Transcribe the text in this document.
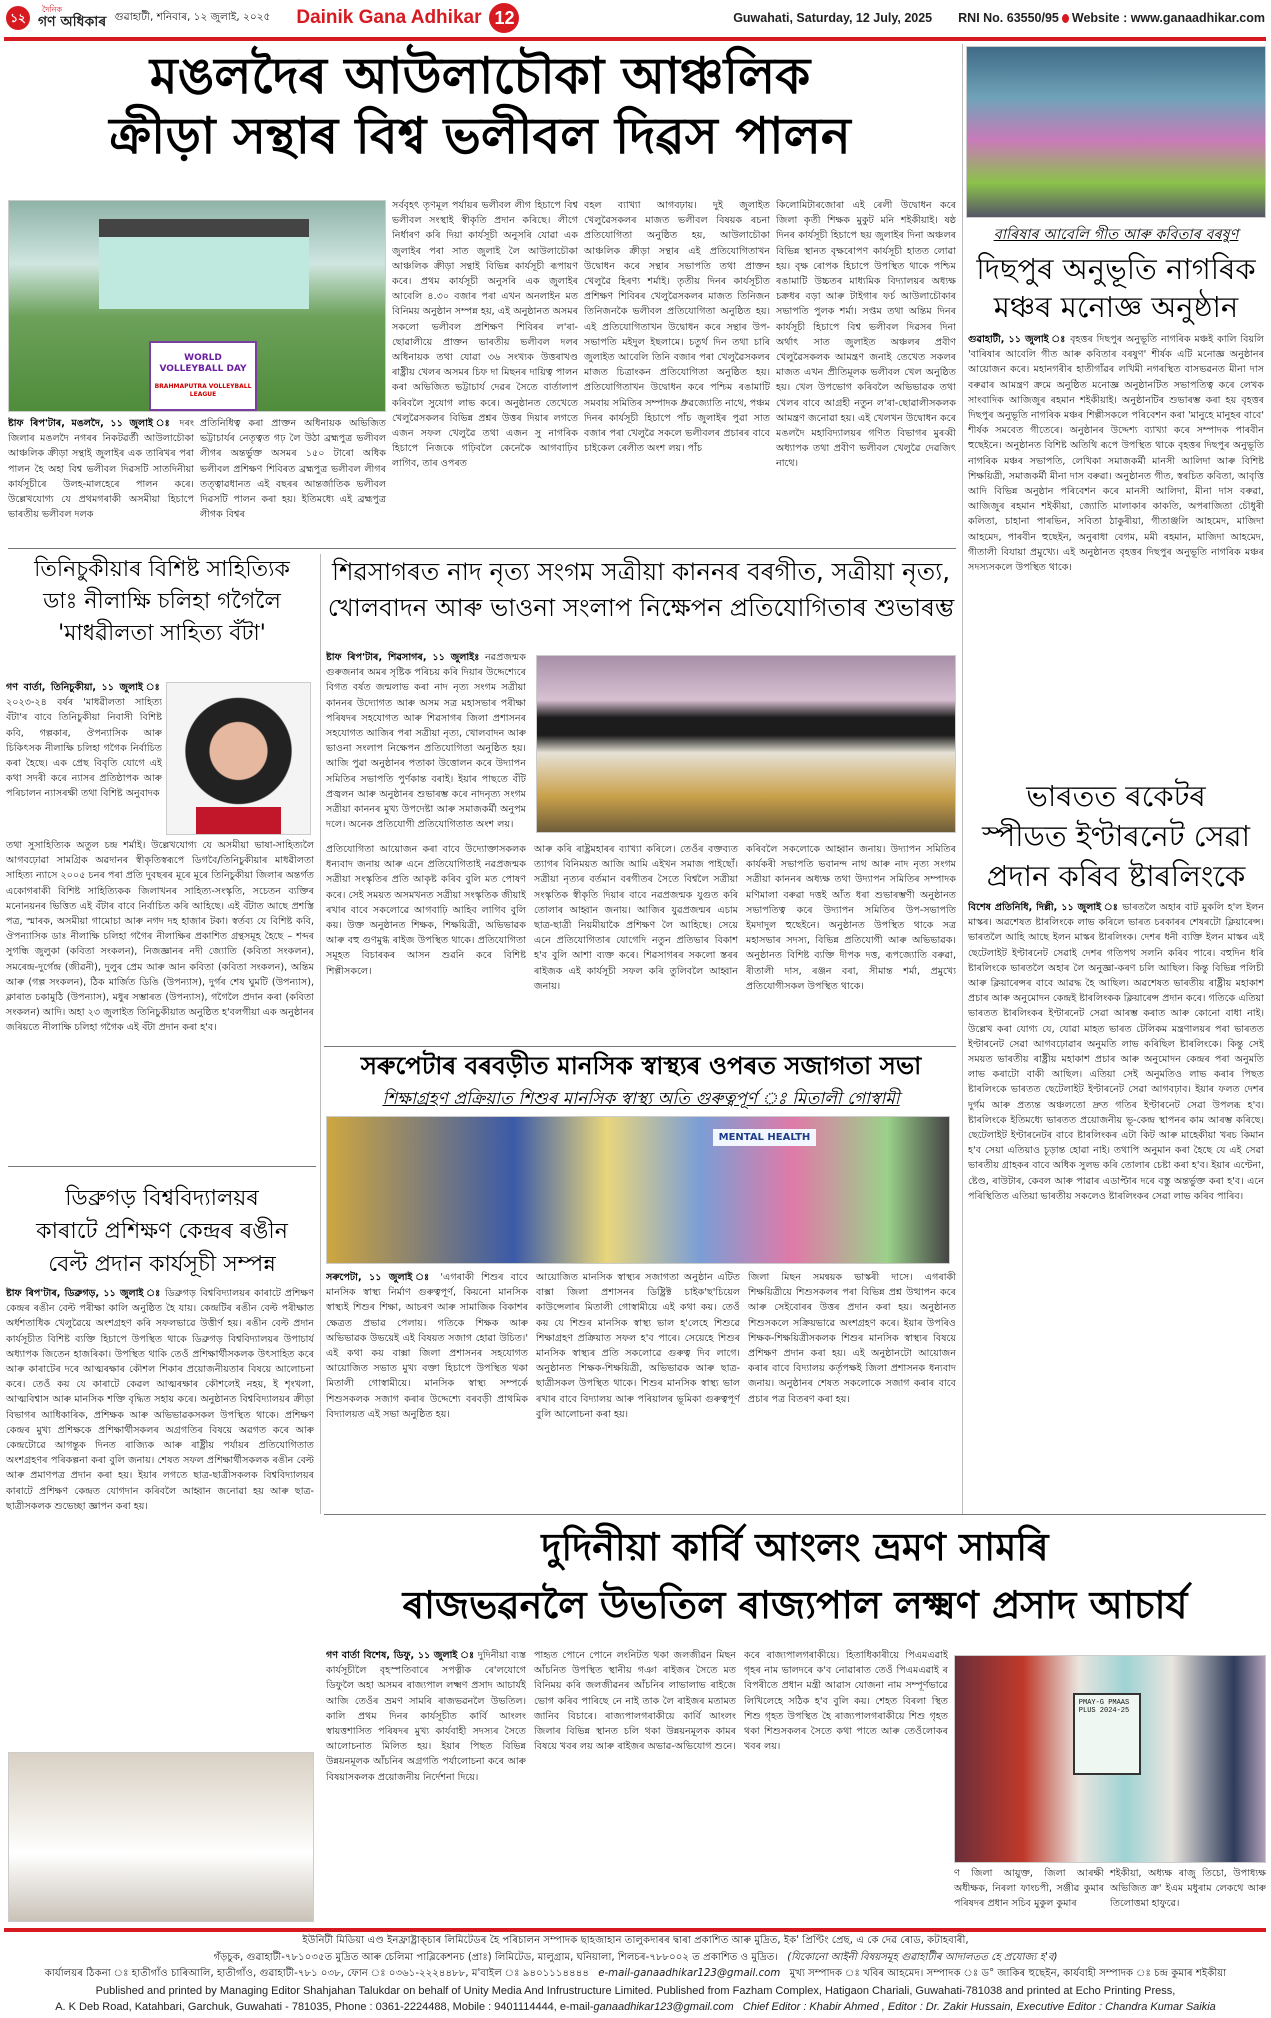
১২
দৈনিক
গণ অধিকাৰ গুৱাহাটী, শনিবাৰ, ১২ জুলাই, ২০২৫ Dainik Gana Adhikar 12	Guwahati, Saturday, 12 July, 2025 RNI No. 63550/95 Website : www.ganaadhikar.com
মঙলদৈৰ আউলাচৌকা আঞ্চলিক
ক্ৰীড়া সন্থাৰ বিশ্ব ভলীবল দিৱস পালন
WORLD VOLLEYBALL DAY
BRAHMAPUTRA VOLLEYBALL LEAGUE
ষ্টাফ ৰিপ'টাৰ, মঙলদৈ, ১১ জুলাই ঃ দৰং জিলাৰ মঙলদৈ নগৰৰ নিকটৱৰ্তী আউলাচৌকা আঞ্চলিক ক্ৰীড়া সন্থাই জুলাইৰ এক তাৰিখৰ পৰা পালন হৈ অহা বিশ্ব ভলীবল দিৱসটি সাতদিনীয়া কাৰ্যসূচীৰে উলহ-মালহেৰে পালন কৰে। উল্লেখযোগ্য যে প্ৰথমগৰাকী অসমীয়া হিচাপে ভাৰতীয় ভলীবল দলক
প্ৰতিনিধিত্ব কৰা প্ৰাক্তন অধিনায়ক অভিজিত ভট্টাচাৰ্যৰ নেতৃত্বত গঢ় লৈ উঠা ব্ৰহ্মপুত্ৰ ভলীবল লীগৰ অন্তৰ্ভুক্ত অসমৰ ১৫০ টাৰো অধিক ভলীবল প্ৰশিক্ষণ শিবিৰত ব্ৰহ্মপুত্ৰ ভলীবল লীগৰ তত্ত্বাৱধানত এই বছৰৰ আন্তৰ্জাতিক ভলীবল দিৱসটি পালন কৰা হয়। ইতিমধ্যে এই ব্ৰহ্মপুত্ৰ লীগক বিশ্বৰ
সৰ্ববৃহৎ তৃণমূল পৰ্যায়ৰ ভলীবল লীগ হিচাপে বিশ্ব ভলীবল সংস্থাই স্বীকৃতি প্ৰদান কৰিছে। লীগে নিৰ্ধাৰণ কৰি দিয়া কাৰ্যসূচী অনুসৰি যোৱা এক জুলাইৰ পৰা সাত জুলাই লৈ আউলাচৌকা আঞ্চলিক ক্ৰীড়া সন্থাই বিভিন্ন কাৰ্যসূচী ৰূপায়ণ কৰে। প্ৰথম কাৰ্যসূচী অনুসৰি এক জুলাইৰ আবেলি ৪.৩০ বজাৰ পৰা এখন অনলাইন মত বিনিময় অনুষ্ঠান সম্পন্ন হয়, এই অনুষ্ঠানত অসমৰ সকলো ভলীবল প্ৰশিক্ষণ শিবিৰৰ ল'ৰা-ছোৱালীয়ে প্ৰাক্তন ভাৰতীয় ভলীবল দলৰ অধিনায়ক তথা যোৱা ৩৬ সংখ্যক উত্তৰাখণ্ড ৰাষ্ট্ৰীয় খেলৰ অসমৰ চিফ দা মিছনৰ দায়িত্ব পালন কৰা অভিজিত ভট্টাচাৰ্য দেৱৰ সৈতে বাৰ্তালাপ কৰিবলৈ সুযোগ লাভ কৰে। অনুষ্ঠানত তেখেতে খেলুৱৈসকলৰ বিভিন্ন প্ৰশ্নৰ উত্তৰ দিয়াৰ লগতে এজন সফল খেলুৱৈ তথা এজন সু নাগৰিক হিচাপে নিজকে গঢ়িবলৈ কেনেকৈ আগবাঢ়িব লাগিব, তাৰ ওপৰত
বহল ব্যাখ্যা আগবঢ়ায়। দুই জুলাইত খেলুৱৈসকলৰ মাজত ভলীবল বিষয়ক ৰচনা প্ৰতিযোগিতা অনুষ্ঠিত হয়, আউলাচৌকা আঞ্চলিক ক্ৰীড়া সন্থাৰ এই প্ৰতিযোগিতাখন উদ্বোধন কৰে সন্থাৰ সভাপতি তথা প্ৰাক্তন খেলুৱৈ হিৰণ্য শৰ্মাই। তৃতীয় দিনৰ কাৰ্যসূচীত প্ৰশিক্ষণ শিবিৰৰ খেলুৱৈসকলৰ মাজত তিনিজন তিনিজনকৈ ভলীবল প্ৰতিযোগিতা অনুষ্ঠিত হয়। এই প্ৰতিযোগিতাখন উদ্বোধন কৰে সন্থাৰ উপ-সভাপতি মইদুল ইছলামে। চতুৰ্থ দিন তথা চাৰি জুলাইত আবেলি তিনি বজাৰ পৰা খেলুৱৈসকলৰ মাজত চিত্ৰাংকন প্ৰতিযোগিতা অনুষ্ঠিত হয়। প্ৰতিযোগিতাখন উদ্বোধন কৰে পশ্চিম ৰঙামাটি সমবায় সমিতিৰ সম্পাদক ধ্ৰুৱজ্যোতি নাথে, পঞ্চম দিনৰ কাৰ্যসূচী হিচাপে পাঁচ জুলাইৰ পুৱা সাত বজাৰ পৰা খেলুৱৈ সকলে ভলীবলৰ প্ৰচাৰৰ বাবে চাইকেল ৰেলীত অংশ লয়। পাঁচ
কিলোমিটাৰজোৰা এই ৰেলী উদ্বোধন কৰে জিলা কৃতী শিক্ষক মুকুট মনি শইকীয়াই। ষষ্ঠ দিনৰ কাৰ্যসূচী হিচাপে ছয় জুলাইৰ দিনা অঞ্চলৰ বিভিন্ন স্থানত বৃক্ষৰোপণ কাৰ্যসূচী হাতত লোৱা হয়। বৃক্ষ ৰোপক হিচাপে উপস্থিত থাকে পশ্চিম ৰঙামাটি উচ্চতৰ মাধ্যমিক বিদ্যালয়ৰ অধ্যক্ষ চক্ৰধৰ বড়া আৰু টাইগাৰ ফৰ্চ আউলাচৌকাৰ সভাপতি পুলক শৰ্মা। সপ্তম তথা অন্তিম দিনৰ কাৰ্যসূচী হিচাপে বিশ্ব ভলীবল দিৱসৰ দিনা অৰ্থাৎ সাত জুলাইত অঞ্চলৰ প্ৰবীণ খেলুৱৈসকলক আমন্ত্ৰণ জনাই তেখেত সকলৰ মাজত এখন প্ৰীতিমূলক ভলীবল খেল অনুষ্ঠিত হয়। খেল উপভোগ কৰিবলৈ অভিভাৱক তথা খেলৰ বাবে আগ্ৰহী নতুন ল'ৰা-ছোৱালীসকলক আমন্ত্ৰণ জনোৱা হয়। এই খেলখন উদ্বোধন কৰে মঙলদৈ মহাবিদ্যালয়ৰ গণিত বিভাগৰ মুৰব্বী অধ্যাপক তথা প্ৰবীণ ভলীবল খেলুৱৈ দেৱজিৎ নাথে।
বাৰিষাৰ আবেলি গীত আৰু কবিতাৰ বৰষুণ
দিছপুৰ অনুভূতি নাগৰিক
মঞ্চৰ মনোজ্ঞ অনুষ্ঠান
গুৱাহাটী, ১১ জুলাই ঃ বৃহত্তৰ দিছপুৰ অনুভূতি নাগৰিক মঞ্চই কালি বিয়লি 'বাৰিষাৰ আবেলি গীত আৰু কবিতাৰ বৰষুণ' শীৰ্ষক এটি মনোজ্ঞ অনুষ্ঠানৰ আয়োজন কৰে। মহানগৰীৰ হাতীগাঁৱৰ লখিমী নগৰস্থিত বাসভৱনত মীনা দাস বৰুৱাৰ আমন্ত্ৰণ ক্ৰমে অনুষ্ঠিত মনোজ্ঞ অনুষ্ঠানটিত সভাপতিত্ব কৰে লেখক সাংবাদিক আজিজুৰ ৰহমান শইকীয়াই। অনুষ্ঠানটিৰ শুভাৰম্ভ কৰা হয় বৃহত্তৰ দিছপুৰ অনুভূতি নাগৰিক মঞ্চৰ শিল্পীসকলে পৰিবেশন কৰা 'মানুহে মানুহৰ বাবে' শীৰ্ষক সমবেত গীতেৰে। অনুষ্ঠানৰ উদ্দেশ্য ব্যাখ্যা কৰে সম্পাদক পাৰবীন হুছেইনে। অনুষ্ঠানত বিশিষ্ট অতিথি ৰূপে উপস্থিত থাকে বৃহত্তৰ দিছপুৰ অনুভূতি নাগৰিক মঞ্চৰ সভাপতি, লেখিকা সমাজকৰ্মী মানসী আলিদা আৰু বিশিষ্ট শিক্ষয়িত্ৰী, সমাজকৰ্মী মীনা দাস বৰুৱা। অনুষ্ঠানত গীত, স্বৰচিত কবিতা, আবৃত্তি আদি বিভিন্ন অনুষ্ঠান পৰিবেশন কৰে মানসী আলিদা, মীনা দাস বৰুৱা, আজিজুৰ ৰহমান শইকীয়া, জ্যোতি মালাকাৰ কাকতি, অপৰাজিতা চৌধুৰী কলিতা, চাহানা পাৰভিন, সবিতা ঠাকুৰীয়া, গীতাঞ্জলি আহমেদ, মাজিদা আহমেদ, পাৰবীন হুছেইন, অনুৰাধা বেগম, মমী ৰহমান, মাজিদা আহমেদ, গীতালী বিযায়া প্ৰমুখ্যে। এই অনুষ্ঠানত বৃহত্তৰ দিছপুৰ অনুভূতি নাগৰিক মঞ্চৰ সদস্যসকলে উপস্থিত থাকে।
ভাৰতত ৰকেটৰ
স্পীডত ইণ্টাৰনেট সেৱা
প্ৰদান কৰিব ষ্টাৰলিংকে
বিশেষ প্ৰতিনিধি, দিল্লী, ১১ জুলাই ঃ ভাৰতলৈ অহাৰ বাট মুকলি হ'ল ইলন মাস্কৰ। অৱশেষত ষ্টাৰলিংকে লাভ কৰিলে ভাৰত চৰকাৰৰ শেষৰটো ক্লিয়াৰেন্স। ভাৰতলৈ আহি আছে ইলন মাস্কৰ ষ্টাৰলিংক। দেশৰ ধনী ব্যক্তি ইলন মাস্কৰ এই ছেটেলাইট ইণ্টাৰনেট সেৱাই দেশৰ গতিপথ সলনি কৰিব পাৰে। বহুদিন ধৰি ষ্টাৰলিংকে ভাৰতলৈ অহাৰ লৈ অনুজ্ঞা-কৰণ চলি আছিল। কিন্তু বিভিন্ন পলিচী আৰু ক্লিয়াৰেন্সৰ বাবে আৱদ্ধ হৈ আছিল। অৱশেষত ভাৰতীয় ৰাষ্ট্ৰীয় মহাকাশ প্ৰচাৰ আৰু অনুমোদন কেন্দ্ৰই ষ্টাৰলিংকক ক্লিয়াৰেন্স প্ৰদান কৰে। গতিকে এতিয়া ভাৰতত ষ্টাৰলিংকৰ ইণ্টাৰনেট সেৱা আৰম্ভ কৰাত আৰু কোনো বাধা নাই। উল্লেখ কৰা যোগ্য যে, যোৱা মাহত ভাৰত টেলিকম মন্ত্ৰণালয়ৰ পৰা ভাৰতত ইণ্টাৰনেট সেৱা আগবঢ়োৱাৰ অনুমতি লাভ কৰিছিল ষ্টাৰলিংকে। কিন্তু সেই সময়ত ভাৰতীয় ৰাষ্ট্ৰীয় মহাকাশ প্ৰচাৰ আৰু অনুমোদন কেন্দ্ৰৰ পৰা অনুমতি লাভ কৰাটো বাকী আছিল। এতিয়া সেই অনুমতিও লাভ কৰাৰ পিছত ষ্টাৰলিংকে ভাৰতত ছেটেলাইট ইণ্টাৰনেট সেৱা আগবঢ়াব। ইয়াৰ ফলত দেশৰ দুৰ্গম আৰু প্ৰত্যন্ত অঞ্চলতো দ্ৰুত গতিৰ ইণ্টাৰনেট সেৱা উপলব্ধ হ'ব। ষ্টাৰলিংকে ইতিমধ্যে ভাৰতত প্ৰয়োজনীয় ভূ-কেন্দ্ৰ স্থাপনৰ কাম আৰম্ভ কৰিছে। ছেটেলাইট ইণ্টাৰনেটৰ বাবে ষ্টাৰলিংকৰ এটা কিট আৰু মাহেকীয়া খৰচ কিমান হ'ব সেয়া এতিয়াও চূড়ান্ত হোৱা নাই। তথাপি অনুমান কৰা হৈছে যে এই সেৱা ভাৰতীয় গ্ৰাহকৰ বাবে অধিক সুলভ কৰি তোলাৰ চেষ্টা কৰা হ'ব। ইয়াৰ এণ্টেনা, ষ্টেণ্ড, ৰাউটাৰ, কেবল আৰু পাৱাৰ এডাপ্টাৰ দৰে বস্তু অন্তৰ্ভুক্ত কৰা হ'ব। এনে পৰিস্থিতিত এতিয়া ভাৰতীয় সকলেও ষ্টাৰলিংকৰ সেৱা লাভ কৰিব পাৰিব।
তিনিচুকীয়াৰ বিশিষ্ট সাহিত্যিক
ডাঃ নীলাক্ষি চলিহা গগৈলৈ
'মাধৱীলতা সাহিত্য বঁটা'
গণ বাৰ্তা, তিনিচুকীয়া, ১১ জুলাই ঃ ২০২৩-২৪ বৰ্ষৰ 'মাধৱীলতা সাহিত্য বঁটা'ৰ বাবে তিনিচুকীয়া নিবাসী বিশিষ্ট কবি, গল্পকাৰ, ঔপন্যাসিক আৰু চিকিৎসক নীলাক্ষি চলিহা গগৈক নিৰ্বাচিত কৰা হৈছে। এক প্ৰেছ বিবৃতি যোগে এই কথা সদৰী কৰে ন্যাসৰ প্ৰতিষ্ঠাপক আৰু পৰিচালন ন্যাসৰক্ষী তথা বিশিষ্ট অনুবাদক
তথা সুসাহিত্যিক অতুল চন্দ্ৰ শৰ্মাই। উল্লেখযোগ্য যে অসমীয়া ভাষা-সাহিত্যলৈ আগবঢ়োৱা সামগ্ৰিক অৱদানৰ স্বীকৃতিস্বৰূপে ডিগবৈ/তিনিচুকীয়াৰ মাধৱীলতা সাহিত্য ন্যাসে ২০০৫ চনৰ পৰা প্ৰতি দুবছৰৰ মূৰে মূৰে তিনিচুকীয়া জিলাৰ অন্তৰ্গত একোগৰাকী বিশিষ্ট সাহিত্যিকক জিলাখনৰ সাহিত্য-সংস্কৃতি, সচেতন ব্যক্তিৰ মনোনয়নৰ ভিত্তিত এই বঁটাৰ বাবে নিৰ্বাচিত কৰি আহিছে। এই বঁটাত আছে প্ৰশস্তি পত্ৰ, স্মাৰক, অসমীয়া গামোচা আৰু নগদ দহ হাজাৰ টকা। স্বৰ্তব্য যে বিশিষ্ট কবি, ঔপন্যাসিক ডাঃ নীলাক্ষি চলিহা গগৈৰ নীলাক্ষিৰ প্ৰকাশিত গ্ৰন্থসমূহ হৈছে – শব্দৰ সুগন্ধি জুলুকা (কবিতা সংকলন), নিজজ্ঞানৰ নদী জ্যোতি (কবিতা সংকলন), সমৰেন্দ্ৰ-দুৰ্গেন্দ্ৰ (জীৱনী), দুলুৰ প্ৰেম আৰু আন কবিতা (কবিতা সংকলন), অন্তিম আৰু (গল্প সংকলন), ঠিক মাৰ্জিত ডিঙি (উপন্যাস), দুৰ্গৰ শেষ ঘুমটি (উপন্যাস), ক্লাৰাত চকামুঠি (উপন্যাস), মধুৰ সম্ভাৰত (উপন্যাস), গগৈলৈ প্ৰদান কৰা (কবিতা সংকলন) আদি। অহা ২৩ জুলাইত তিনিচুকীয়াত অনুষ্ঠিত হ'বলগীয়া এক অনুষ্ঠানৰ জৰিয়তে নীলাক্ষি চলিহা গগৈক এই বঁটা প্ৰদান কৰা হ'ব।
শিৱসাগৰত নাদ নৃত্য সংগম সত্ৰীয়া কাননৰ বৰগীত, সত্ৰীয়া নৃত্য,
খোলবাদন আৰু ভাওনা সংলাপ নিক্ষেপন প্ৰতিযোগিতাৰ শুভাৰম্ভ
ষ্টাফ ৰিপ'টাৰ, শিৱসাগৰ, ১১ জুলাইঃ নৱপ্ৰজন্মক গুৰুজনাৰ অমৰ সৃষ্টিক পৰিচয় কৰি দিয়াৰ উদ্দেশ্যেৰে বিগত বৰ্ষত জন্মলাভ কৰা নাদ নৃত্য সংগম সত্ৰীয়া কাননৰ উদ্যোগত আৰু অসম সত্ৰ মহাসভাৰ পৰীক্ষা পৰিষদৰ সহযোগত আৰু শিৱসাগৰ জিলা প্ৰশাসনৰ সহযোগত আজিৰ পৰা সত্ৰীয়া নৃত্য, খোলবাদন আৰু ভাওনা সংলাপ নিক্ষেপন প্ৰতিযোগিতা অনুষ্ঠিত হয়। আজি পুৱা অনুষ্ঠানৰ পতাকা উত্তোলন কৰে উদ্যাপন সমিতিৰ সভাপতি পুৰ্ণকান্ত বৰাই। ইয়াৰ পাছতে বঁটি প্ৰজ্বলন আৰু অনুষ্ঠানৰ শুভাৰম্ভ কৰে নাদনৃত্য সংগম সত্ৰীয়া কাননৰ মুখ্য উপদেষ্টা আৰু সমাজকৰ্মী অনুপম দলে। অনেক প্ৰতিযোগী প্ৰতিযোগিতাত অংশ লয়।
প্ৰতিযোগিতা আয়োজন কৰা বাবে উদ্যোক্তাসকলক ধন্যবাদ জনায় আৰু এনে প্ৰতিযোগিতাই নৱপ্ৰজন্মক সত্ৰীয়া সংস্কৃতিৰ প্ৰতি আকৃষ্ট কৰিব বুলি মত পোষণ কৰে। সেই সময়ত অসমখনত সত্ৰীয়া সংস্কৃতিক জীয়াই ৰখাৰ বাবে সকলোৱে আগবাঢ়ি আহিব লাগিব বুলি কয়। উক্ত অনুষ্ঠানত শিক্ষক, শিক্ষয়িত্ৰী, অভিভাৱক আৰু বহু গুণমুগ্ধ ৰাইজ উপস্থিত থাকে। প্ৰতিযোগিতা সমূহত বিচাৰকৰ আসন শুৱনি কৰে বিশিষ্ট শিল্পীসকলে।
আৰু কৰি ৰাষ্ট্ৰমহাৰৰ ব্যাখ্যা কৰিলে। তেওঁৰ বক্তব্যত ত্যাগৰ বিনিময়ত আজি আমি এইখন সমাজ পাইছোঁ। সত্ৰীয়া নৃত্যৰ বৰ্তমান বৰগীতৰ সৈতে বিশ্বলৈ সত্ৰীয়া সংস্কৃতিক স্বীকৃতি দিয়াৰ বাবে নৱপ্ৰজন্মক যুগুত কৰি তোলাৰ আহ্বান জনায়। আজিৰ যুৱপ্ৰজন্মৰ এচাম ছাত্ৰ-ছাত্ৰী নিয়মীয়াকৈ প্ৰশিক্ষণ লৈ আহিছে। সেয়ে এনে প্ৰতিযোগিতাৰ যোগেদি নতুন প্ৰতিভাৰ বিকাশ হ'ব বুলি আশা ব্যক্ত কৰে। শিৱসাগৰৰ সকলো স্তৰৰ ৰাইজক এই কাৰ্যসূচী সফল কৰি তুলিবলৈ আহ্বান জনায়।
কৰিবলৈ সকলোকে আহ্বান জনায়। উদ্যাপন সমিতিৰ কাৰ্যকৰী সভাপতি ভবানন্দ নাথ আৰু নাদ নৃত্য সংগম সত্ৰীয়া কাননৰ অধ্যক্ষ তথা উদ্যাপন সমিতিৰ সম্পাদক মণিমালা বৰুৱা দত্তই আঁত ধৰা শুভাৰম্ভণী অনুষ্ঠানত সভাপতিত্ব কৰে উদ্যাপন সমিতিৰ উপ-সভাপতি ইমদাদুল হুছেইনে। অনুষ্ঠানত উপস্থিত থাকে সত্ৰ মহাসভাৰ সদস্য, বিভিন্ন প্ৰতিযোগী আৰু অভিভাৱক। অনুষ্ঠানত বিশিষ্ট ব্যক্তি দীপক দত্ত, ৰূপজ্যোতি বৰুৱা, ৰীতালী দাস, ৰঞ্জন বৰা, সীমান্ত শৰ্মা, প্ৰমুখ্যে প্ৰতিযোগীসকল উপস্থিত থাকে।
সৰুপেটাৰ বৰবড়ীত মানসিক স্বাস্থ্যৰ ওপৰত সজাগতা সভা
শিক্ষাগ্ৰহণ প্ৰক্ৰিয়াত শিশুৰ মানসিক স্বাস্থ্য অতি গুৰুত্বপূৰ্ণ ঃ মিতালী গোস্বামী
MENTAL HEALTH
সৰুপেটা, ১১ জুলাই ঃ 'এগৰাকী শিশুৰ বাবে মানসিক স্বাস্থ্য নিৰ্মাণ গুৰুত্বপূৰ্ণ, কিয়নো মানসিক স্বাস্থ্যই শিশুৰ শিক্ষা, আচৰণ আৰু সামাজিক বিকাশৰ ক্ষেত্ৰত প্ৰভাৱ পেলায়। গতিকে শিক্ষক আৰু অভিভাৱক উভয়েই এই বিষয়ত সজাগ হোৱা উচিত।' এই কথা কয় বাক্সা জিলা প্ৰশাসনৰ সহযোগত আয়োজিত সভাত মুখ্য বক্তা হিচাপে উপস্থিত থকা মিতালী গোস্বামীয়ে। মানসিক স্বাস্থ্য সম্পৰ্কে শিশুসকলক সজাগ কৰাৰ উদ্দেশ্যে বৰবড়ী প্ৰাথমিক বিদ্যালয়ত এই সভা অনুষ্ঠিত হয়।
আয়োজিত মানসিক স্বাস্থ্যৰ সজাগতা অনুষ্ঠান এটিত বাক্সা জিলা প্ৰশাসনৰ ডিষ্ট্ৰিক্ট চাইক'ছ'চিয়েল কাউন্সেলাৰ মিতালী গোস্বামীয়ে এই কথা কয়। তেওঁ কয় যে শিশুৰ মানসিক স্বাস্থ্য ভাল হ'লেহে শিশুৱে শিক্ষাগ্ৰহণ প্ৰক্ৰিয়াত সফল হ'ব পাৰে। সেয়েহে শিশুৰ মানসিক স্বাস্থ্যৰ প্ৰতি সকলোৱে গুৰুত্ব দিব লাগে। অনুষ্ঠানত শিক্ষক-শিক্ষয়িত্ৰী, অভিভাৱক আৰু ছাত্ৰ-ছাত্ৰীসকল উপস্থিত থাকে। শিশুৰ মানসিক স্বাস্থ্য ভাল ৰখাৰ বাবে বিদ্যালয় আৰু পৰিয়ালৰ ভূমিকা গুৰুত্বপূৰ্ণ বুলি আলোচনা কৰা হয়।
জিলা মিছন সমন্বয়ক ভাস্কৰী দাসে। এগৰাকী শিক্ষয়িত্ৰীয়ে শিশুসকলৰ পৰা বিভিন্ন প্ৰশ্ন উত্থাপন কৰে আৰু সেইবোৰৰ উত্তৰ প্ৰদান কৰা হয়। অনুষ্ঠানত শিশুসকলে সক্ৰিয়ভাৱে অংশগ্ৰহণ কৰে। ইয়াৰ উপৰিও শিক্ষক-শিক্ষয়িত্ৰীসকলক শিশুৰ মানসিক স্বাস্থ্যৰ বিষয়ে প্ৰশিক্ষণ প্ৰদান কৰা হয়। এই অনুষ্ঠানটো আয়োজন কৰাৰ বাবে বিদ্যালয় কৰ্তৃপক্ষই জিলা প্ৰশাসনক ধন্যবাদ জনায়। অনুষ্ঠানৰ শেষত সকলোকে সজাগ কৰাৰ বাবে প্ৰচাৰ পত্ৰ বিতৰণ কৰা হয়।
ডিব্ৰুগড় বিশ্ববিদ্যালয়ৰ
কাৰাটে প্ৰশিক্ষণ কেন্দ্ৰৰ ৰঙীন
বেল্ট প্ৰদান কাৰ্যসূচী সম্পন্ন
ষ্টাফ ৰিপ'টাৰ, ডিব্ৰুগড়, ১১ জুলাই ঃ ডিব্ৰুগড় বিশ্ববিদ্যালয়ৰ কাৰাটে প্ৰশিক্ষণ কেন্দ্ৰৰ ৰঙীন বেল্ট পৰীক্ষা কালি অনুষ্ঠিত হৈ যায়। কেন্দ্ৰটিৰ ৰঙীন বেল্ট পৰীক্ষাত অৰ্ধশতাধিক খেলুৱৈয়ে অংশগ্ৰহণ কৰি সফলভাৱে উত্তীৰ্ণ হয়। ৰঙীন বেল্ট প্ৰদান কাৰ্যসূচীত বিশিষ্ট ব্যক্তি হিচাপে উপস্থিত থাকে ডিব্ৰুগড় বিশ্ববিদ্যালয়ৰ উপাচাৰ্য অধ্যাপক জিতেন হাজৰিকা। উপস্থিত থাকি তেওঁ প্ৰশিক্ষাৰ্থীসকলক উৎসাহিত কৰে আৰু কাৰাটেৰ দৰে আত্মৰক্ষাৰ কৌশল শিকাৰ প্ৰয়োজনীয়তাৰ বিষয়ে আলোচনা কৰে। তেওঁ কয় যে কাৰাটে কেৱল আত্মৰক্ষাৰ কৌশলেই নহয়, ই শৃংখলা, আত্মবিশ্বাস আৰু মানসিক শক্তি বৃদ্ধিত সহায় কৰে। অনুষ্ঠানত বিশ্ববিদ্যালয়ৰ ক্ৰীড়া বিভাগৰ আধিকাৰিক, প্ৰশিক্ষক আৰু অভিভাৱকসকল উপস্থিত থাকে। প্ৰশিক্ষণ কেন্দ্ৰৰ মুখ্য প্ৰশিক্ষকে প্ৰশিক্ষাৰ্থীসকলৰ অগ্ৰগতিৰ বিষয়ে অৱগত কৰে আৰু কেন্দ্ৰটোৱে আগন্তুক দিনত ৰাজ্যিক আৰু ৰাষ্ট্ৰীয় পৰ্যায়ৰ প্ৰতিযোগিতাত অংশগ্ৰহণৰ পৰিকল্পনা কৰা বুলি জনায়। শেষত সফল প্ৰশিক্ষাৰ্থীসকলক ৰঙীন বেল্ট আৰু প্ৰমাণপত্ৰ প্ৰদান কৰা হয়। ইয়াৰ লগতে ছাত্ৰ-ছাত্ৰীসকলক বিশ্ববিদ্যালয়ৰ কাৰাটে প্ৰশিক্ষণ কেন্দ্ৰত যোগদান কৰিবলৈ আহ্বান জনোৱা হয় আৰু ছাত্ৰ-ছাত্ৰীসকলক শুভেচ্ছা জ্ঞাপন কৰা হয়।
দুদিনীয়া কাৰ্বি আংলং ভ্ৰমণ সামৰি
ৰাজভৱনলৈ উভতিল ৰাজ্যপাল লক্ষ্মণ প্ৰসাদ আচাৰ্য
গণ বাৰ্তা বিশেষ, ডিফু, ১১ জুলাই ঃ দুদিনীয়া ব্যস্ত কাৰ্যসূচীলৈ বৃহস্পতিবাৰে সপত্নীক ৰে'লযোগে ডিফুলৈ অহা অসমৰ ৰাজ্যপাল লক্ষ্মণ প্ৰসাদ আচাৰ্যই আজি তেওঁৰ ভ্ৰমণ সামৰি ৰাজভৱনলৈ উভতিল। কালি প্ৰথম দিনৰ কাৰ্যসূচীত কাৰ্বি আংলং স্বায়ত্তশাসিত পৰিষদৰ মুখ্য কাৰ্যবাহী সদস্যৰ সৈতে আলোচনাত মিলিত হয়। ইয়াৰ পিছত বিভিন্ন উন্নয়নমূলক আঁচনিৰ অগ্ৰগতি পৰ্যালোচনা কৰে আৰু বিষয়াসকলক প্ৰয়োজনীয় নিৰ্দেশনা দিয়ে।
পাহৃত পোনে পোনে লংনিটত থকা জলজীৱন মিছন আঁচনিত উপস্থিত স্থানীয় গঞা ৰাইজৰ সৈতে মত বিনিময় কৰি জলজীৱনৰ আঁচনিৰ লাভালাভ ৰাইজে ভোগ কৰিব পাৰিছে নে নাই তাক লৈ ৰাইজৰ মতামত জানিব বিচাৰে। ৰাজ্যপালগৰাকীয়ে কাৰ্বি আংলং জিলাৰ বিভিন্ন স্থানত চলি থকা উন্নয়নমূলক কামৰ বিষয়ে খবৰ লয় আৰু ৰাইজৰ অভাৱ-অভিযোগ শুনে।
কৰে ৰাজ্যপালগৰাকীয়ে। হিতাধিকাৰীয়ে পিএমএৱাই গৃহৰ নাম ভালদৰে ক'ব নোৱাৰাত তেওঁ পিএমএৱাই ৰ বিপৰীতে প্ৰধান মন্ত্ৰী আৱাস যোজনা নাম সম্পূৰ্ণভাৱে লিখিলেহে সঠিক হ'ব বুলি কয়। শেহত বিৰলা স্থিত শিশু গৃহত উপস্থিত হৈ ৰাজ্যপালগৰাকীয়ে শিশু গৃহত থকা শিশুসকলৰ সৈতে কথা পাতে আৰু তেওঁলোকৰ খবৰ লয়।
PMAY-G PMAAS PLUS 2024-25
ণ জিলা আয়ুক্ত, জিলা আৰক্ষী অধীক্ষক, নিৰলা ফাংচপী, সঞ্জীৱ কুমাৰ পৰিষদৰ প্ৰধান সচিব মুকুল কুমাৰ
শইকীয়া, অধ্যক্ষ ৰাজু তিচো, উপাধ্যক্ষ অভিজিত ক্ৰ' ইএম মধুৰাম লেকথে আৰু তিলোত্তমা হাফুৱে।
ইউনিটী মিডিয়া এণ্ড ইনফ্ৰাষ্ট্ৰাক্চাৰ লিমিটেডৰ হৈ পৰিচালন সম্পাদক ছাহজাহান তালুকদাৰৰ দ্বাৰা প্ৰকাশিত আৰু মুদ্ৰিত, ইক' প্ৰিণ্টিং প্ৰেছ, এ কে দেৱ ৰোড, কটাহবাৰী,
গঁড়চুক, গুৱাহাটী-৭৮১০৩৫ত মুদ্ৰিত আৰু চেলিমা পাব্লিকেশনচ (প্ৰাঃ) লিমিটেড, মালুগ্ৰাম, ঘনিয়ালা, শিলচৰ-৭৮৮০০২ ত প্ৰকাশিত ও মুদ্ৰিত। (যিকোনো আইনী বিষয়সমূহ গুৱাহাটীৰ আদালতত হে প্ৰযোজ্য হ'ব)
কাৰ্যালয়ৰ ঠিকনা ঃ হাতীগাঁও চাৰিআলি, হাতীগাঁও, গুৱাহাটী-৭৮১ ০৩৮, ফোন ঃ ০৩৬১-২২২৪৪৮৮, ম'বাইল ঃ ৯৪০১১১৪৪৪৪ e-mail-ganaadhikar123@gmail.com মুখ্য সম্পাদক ঃ খবিৰ আহমেদ। সম্পাদক ঃ ড° জাকিৰ হুছেইন, কাৰ্যবাহী সম্পাদক ঃ চন্দ্ৰ কুমাৰ শইকীয়া
Published and printed by Managing Editor Shahjahan Talukdar on behalf of Unity Media And Infrustructure Limited. Published from Fazham Complex, Hatigaon Chariali, Guwahati-781038 and printed at Echo Printing Press,
A. K Deb Road, Katahbari, Garchuk, Guwahati - 781035, Phone : 0361-2224488, Mobile : 9401114444, e-mail-ganaadhikar123@gmail.com Chief Editor : Khabir Ahmed , Editor : Dr. Zakir Hussain, Executive Editor : Chandra Kumar Saikia
